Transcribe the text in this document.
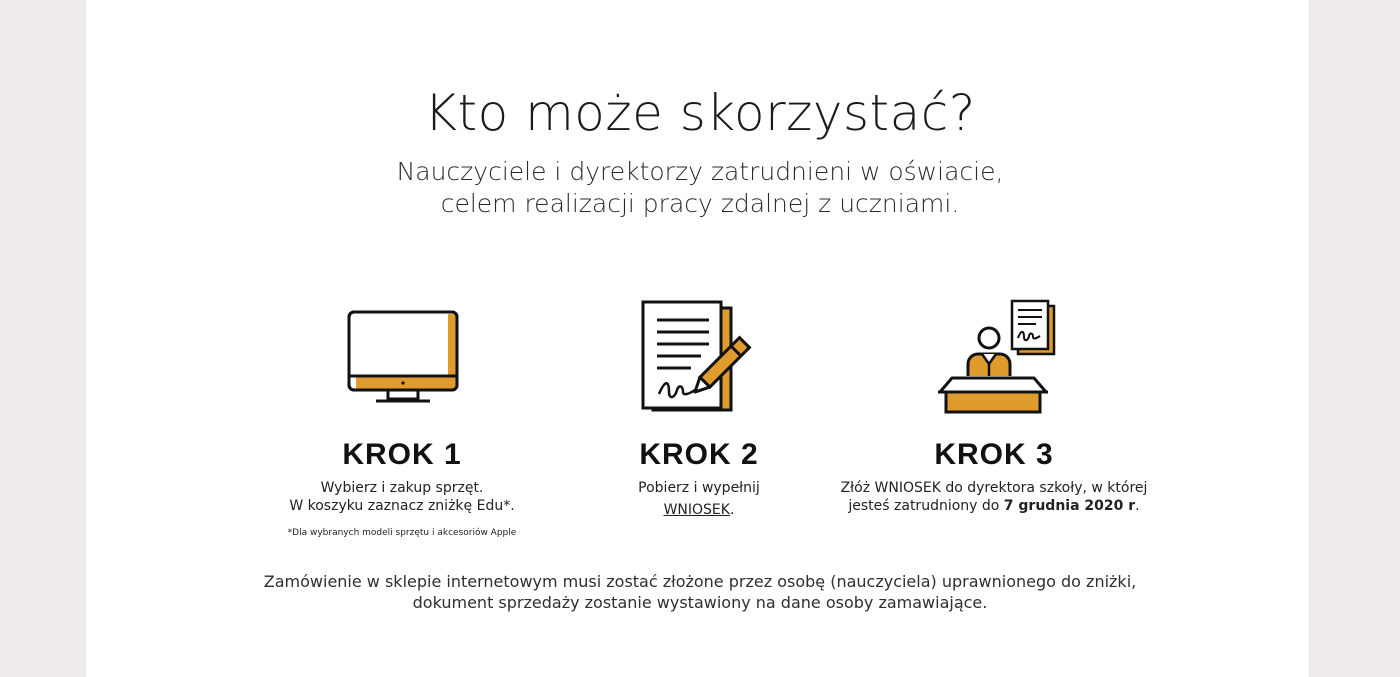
Kto może skorzystać?
Nauczyciele i dyrektorzy zatrudnieni w oświacie,
celem realizacji pracy zdalnej z uczniami.
KROK 1
Wybierz i zakup sprzęt.
W koszyku zaznacz zniżkę Edu*.
*Dla wybranych modeli sprzętu i akcesoriów Apple
KROK 2
Pobierz i wypełnij
WNIOSEK.
KROK 3
Złóż WNIOSEK do dyrektora szkoły, w której
jesteś zatrudniony do 7 grudnia 2020 r.
Zamówienie w sklepie internetowym musi zostać złożone przez osobę (nauczyciela) uprawnionego do zniżki,
dokument sprzedaży zostanie wystawiony na dane osoby zamawiające.
